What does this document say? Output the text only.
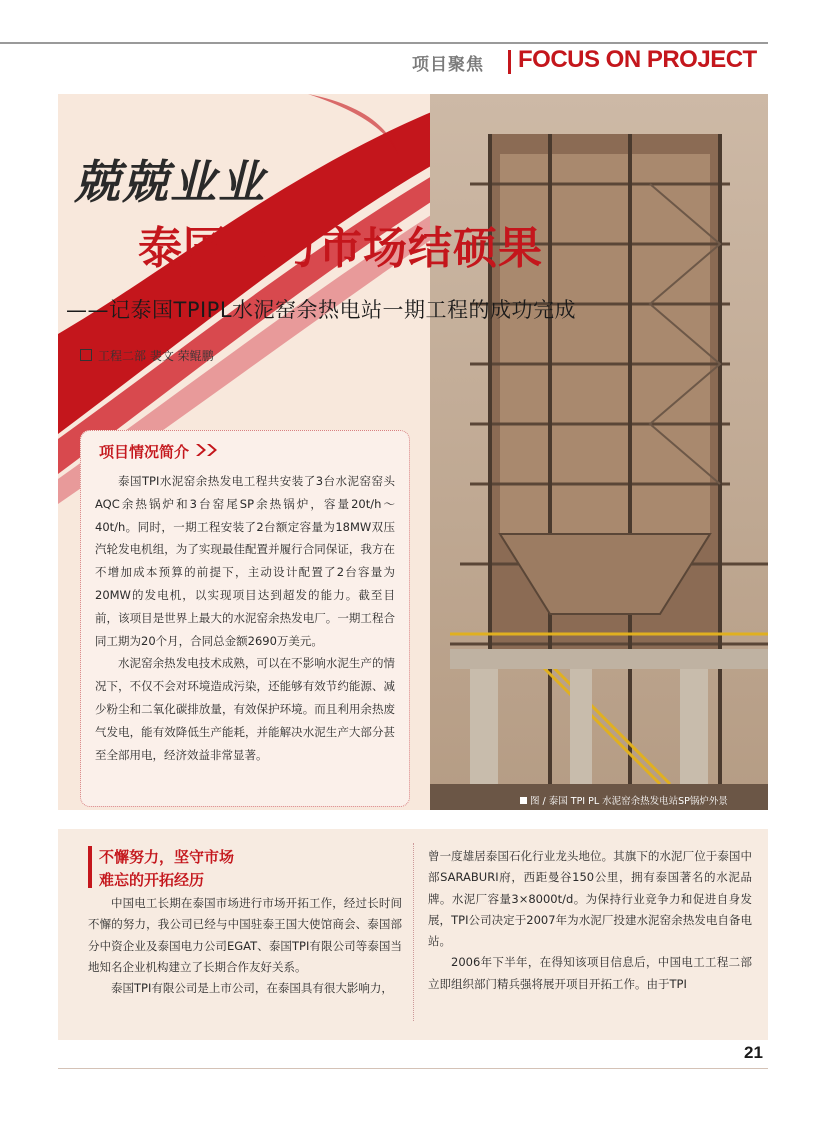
项目聚焦 FOCUS ON PROJECT
兢兢业业
泰国电力市场结硕果
——记泰国TPIPL水泥窑余热电站一期工程的成功完成
工程二部 裴文 荣鲲鹏
项目情况简介

泰国TPI水泥窑余热发电工程共安装了3台水泥窑窑头AQC余热锅炉和3台窑尾SP余热锅炉，容量20t/h～40t/h。同时，一期工程安装了2台额定容量为18MW双压汽轮发电机组，为了实现最佳配置并履行合同保证，我方在不增加成本预算的前提下，主动设计配置了2台容量为20MW的发电机，以实现项目达到超发的能力。截至目前，该项目是世界上最大的水泥窑余热发电厂。一期工程合同工期为20个月，合同总金额2690万美元。

水泥窑余热发电技术成熟，可以在不影响水泥生产的情况下，不仅不会对环境造成污染，还能够有效节约能源、减少粉尘和二氧化碳排放量，有效保护环境。而且利用余热废气发电，能有效降低生产能耗，并能解决水泥生产大部分甚至全部用电，经济效益非常显著。

图 / 泰国 TPI PL 水泥窑余热发电站SP锅炉外景
不懈努力，坚守市场
难忘的开拓经历

中国电工长期在泰国市场进行市场开拓工作，经过长时间不懈的努力，我公司已经与中国驻泰王国大使馆商会、泰国部分中资企业及泰国电力公司EGAT、泰国TPI有限公司等泰国当地知名企业机构建立了长期合作友好关系。

泰国TPI有限公司是上市公司，在泰国具有很大影响力，

曾一度雄居泰国石化行业龙头地位。其旗下的水泥厂位于泰国中部SARABURI府，西距曼谷150公里，拥有泰国著名的水泥品牌。水泥厂容量3×8000t/d。为保持行业竞争力和促进自身发展，TPI公司决定于2007年为水泥厂投建水泥窑余热发电自备电站。

2006年下半年，在得知该项目信息后，中国电工工程二部立即组织部门精兵强将展开项目开拓工作。由于TPI

21
